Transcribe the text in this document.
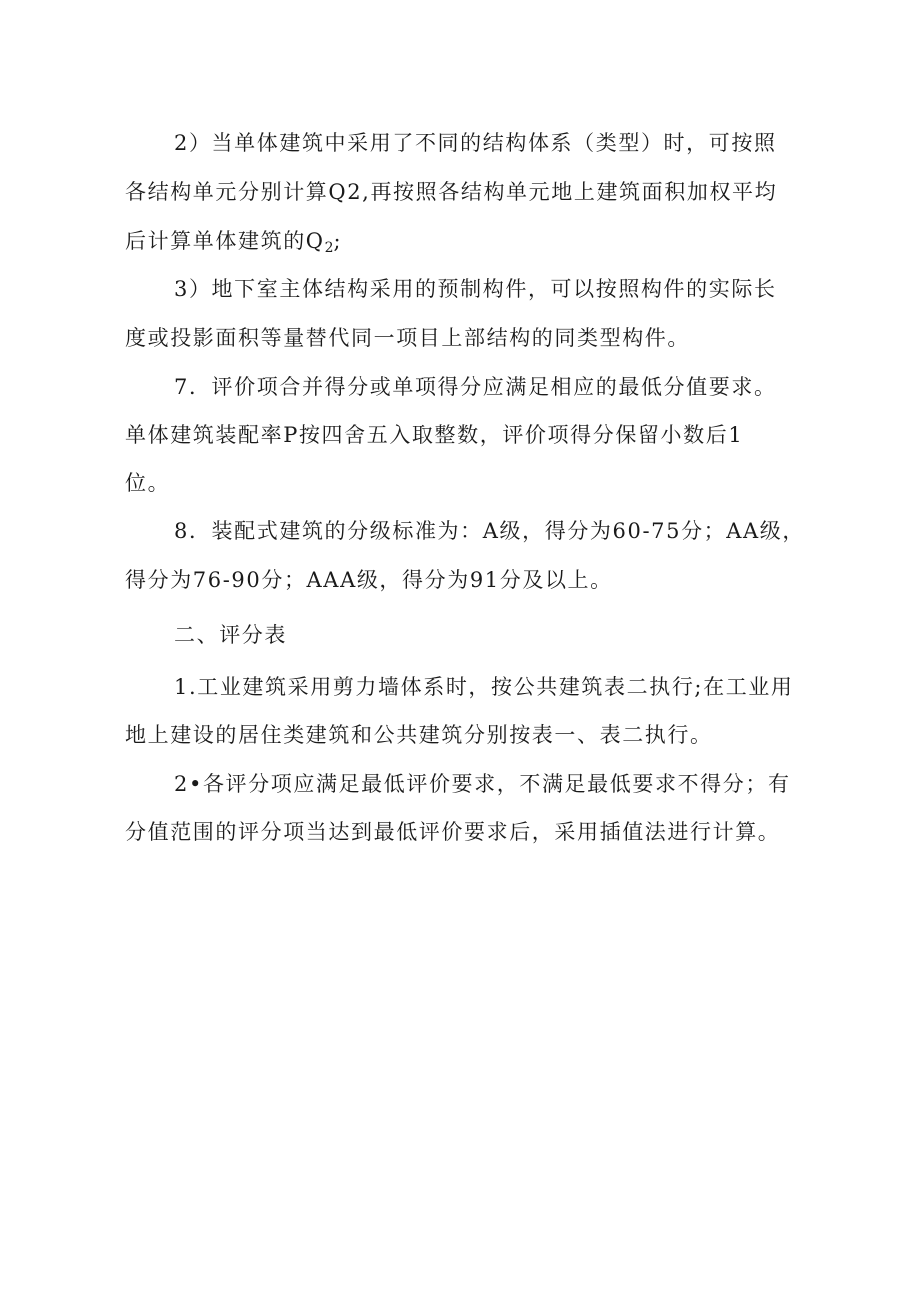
2）当单体建筑中采用了不同的结构体系（类型）时，可按照
各结构单元分别计算Q2,再按照各结构单元地上建筑面积加权平均
后计算单体建筑的$Q_2$;
3）地下室主体结构采用的预制构件，可以按照构件的实际长
度或投影面积等量替代同一项目上部结构的同类型构件。
7．评价项合并得分或单项得分应满足相应的最低分值要求。
单体建筑装配率P按四舍五入取整数，评价项得分保留小数后1
位。
8．装配式建筑的分级标准为：A级，得分为60-75分；AA级，
得分为76-90分；AAA级，得分为91分及以上。
二、评分表
1.工业建筑采用剪力墙体系时，按公共建筑表二执行;在工业用
地上建设的居住类建筑和公共建筑分别按表一、表二执行。
2•各评分项应满足最低评价要求，不满足最低要求不得分；有
分值范围的评分项当达到最低评价要求后，采用插值法进行计算。
